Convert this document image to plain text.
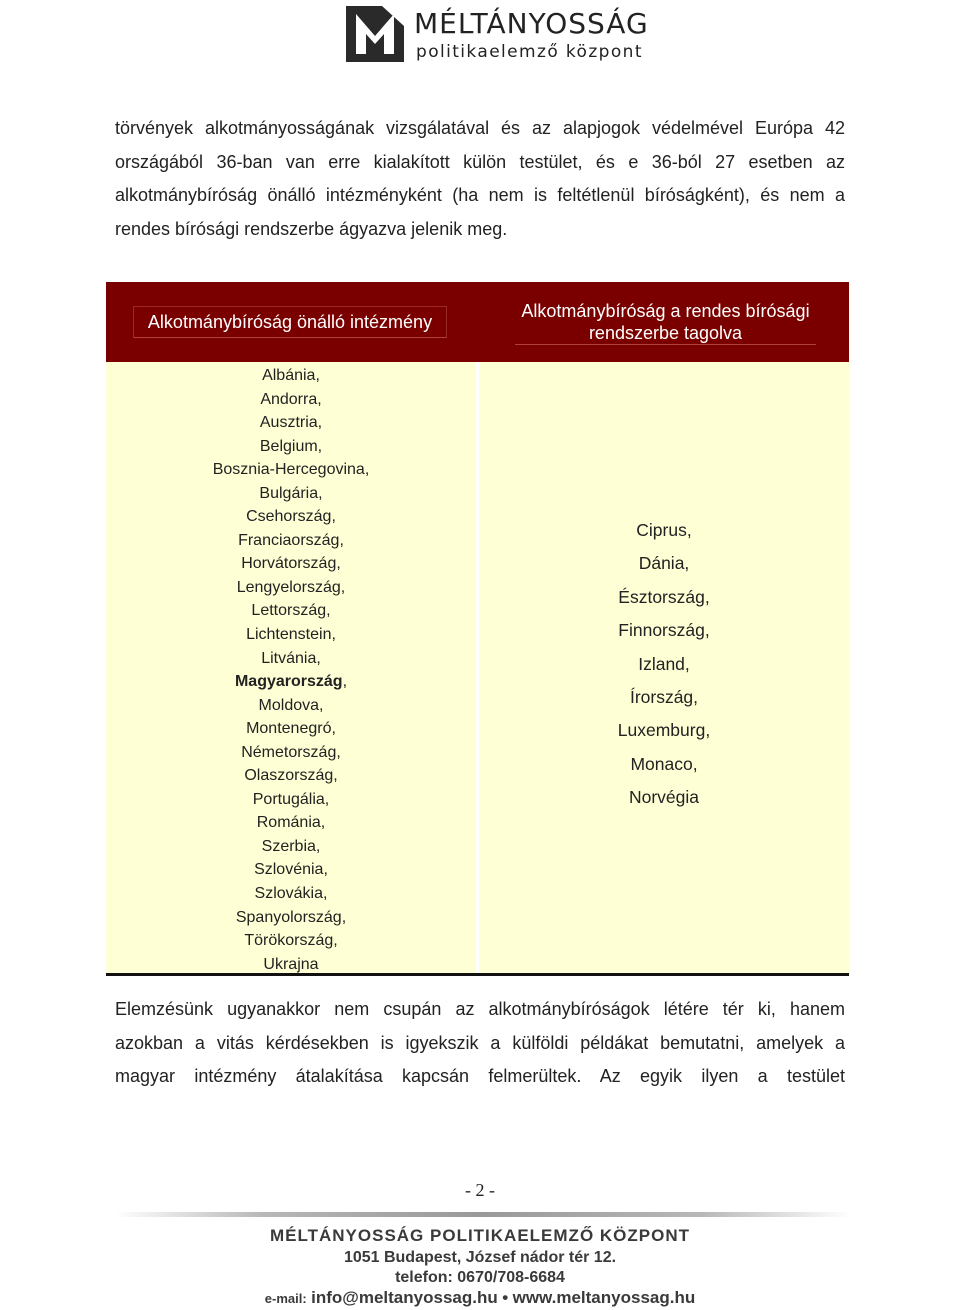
MÉLTÁNYOSSÁG
politikaelemző központ
törvények alkotmányosságának vizsgálatával és az alapjogok védelmével Európa 42
országából 36-ban van erre kialakított külön testület, és e 36-ból 27 esetben az
alkotmánybíróság önálló intézményként (ha nem is feltétlenül bíróságként), és nem a
rendes bírósági rendszerbe ágyazva jelenik meg.
Alkotmánybíróság önálló intézmény
Alkotmánybíróság a rendes bírósági
rendszerbe tagolva
Albánia,
Andorra,
Ausztria,
Belgium,
Bosznia-Hercegovina,
Bulgária,
Csehország,
Franciaország,
Horvátország,
Lengyelország,
Lettország,
Lichtenstein,
Litvánia,
Magyarország,
Moldova,
Montenegró,
Németország,
Olaszország,
Portugália,
Románia,
Szerbia,
Szlovénia,
Szlovákia,
Spanyolország,
Törökország,
Ukrajna
Ciprus,
Dánia,
Észtország,
Finnország,
Izland,
Írország,
Luxemburg,
Monaco,
Norvégia
Elemzésünk ugyanakkor nem csupán az alkotmánybíróságok létére tér ki, hanem
azokban a vitás kérdésekben is igyekszik a külföldi példákat bemutatni, amelyek a
magyar intézmény átalakítása kapcsán felmerültek. Az egyik ilyen a testület
- 2 -
MÉLTÁNYOSSÁG POLITIKAELEMZŐ KÖZPONT
1051 Budapest, József nádor tér 12.
telefon: 0670/708-6684
e-mail: info@meltanyossag.hu • www.meltanyossag.hu
